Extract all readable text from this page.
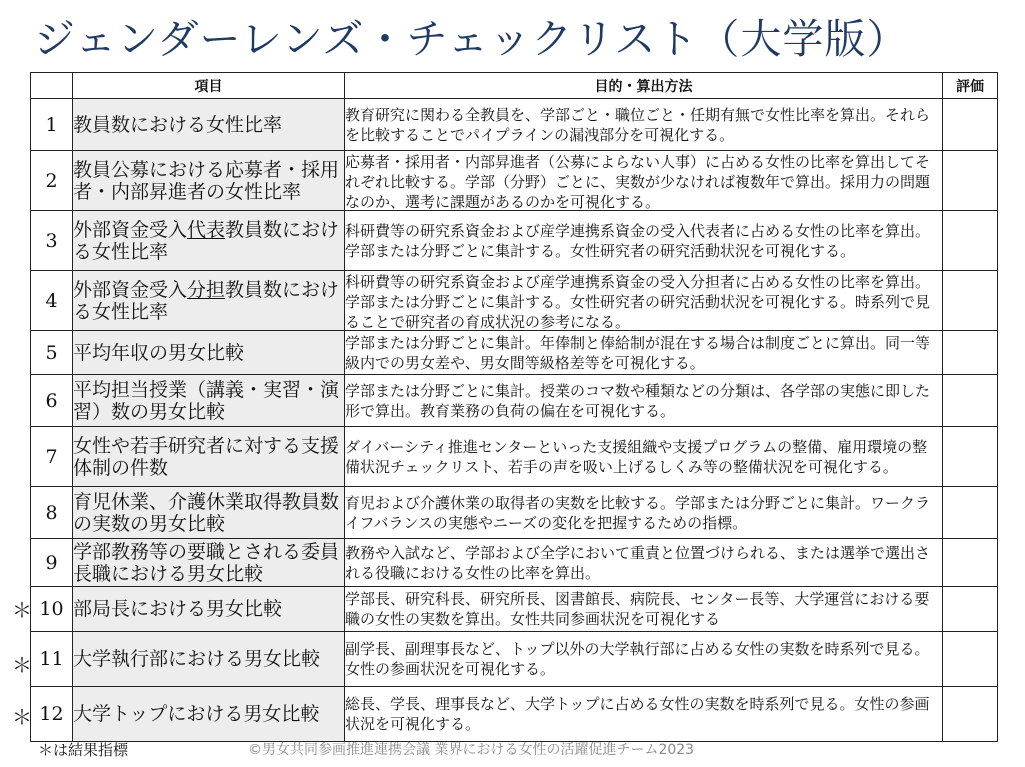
ジェンダーレンズ・チェックリスト（大学版）
	項目	目的・算出方法	評価
1	教員数における女性比率	教育研究に関わる全教員を、学部ごと・職位ごと・任期有無で女性比率を算出。それらを比較することでパイプラインの漏洩部分を可視化する。	

2	教員公募における応募者・採用者・内部昇進者の女性比率	応募者・採用者・内部昇進者（公募によらない人事）に占める女性の比率を算出してそれぞれ比較する。学部（分野）ごとに、実数が少なければ複数年で算出。採用力の問題なのか、選考に課題があるのかを可視化する。	

3	外部資金受入代表教員数における女性比率	科研費等の研究系資金および産学連携系資金の受入代表者に占める女性の比率を算出。学部または分野ごとに集計する。女性研究者の研究活動状況を可視化する。	

4	外部資金受入分担教員数における女性比率	科研費等の研究系資金および産学連携系資金の受入分担者に占める女性の比率を算出。学部または分野ごとに集計する。女性研究者の研究活動状況を可視化する。時系列で見ることで研究者の育成状況の参考になる。	

5	平均年収の男女比較	学部または分野ごとに集計。年俸制と俸給制が混在する場合は制度ごとに算出。同一等級内での男女差や、男女間等級格差等を可視化する。	

6	平均担当授業（講義・実習・演習）数の男女比較	学部または分野ごとに集計。授業のコマ数や種類などの分類は、各学部の実態に即した形で算出。教育業務の負荷の偏在を可視化する。	

7	女性や若手研究者に対する支援体制の件数	ダイバーシティ推進センターといった支援組織や支援プログラムの整備、雇用環境の整備状況チェックリスト、若手の声を吸い上げるしくみ等の整備状況を可視化する。	

8	育児休業、介護休業取得教員数の実数の男女比較	育児および介護休業の取得者の実数を比較する。学部または分野ごとに集計。ワークライフバランスの実態やニーズの変化を把握するための指標。	

9	学部教務等の要職とされる委員長職における男女比較	教務や入試など、学部および全学において重責と位置づけられる、または選挙で選出される役職における女性の比率を算出。	

10	部局長における男女比較	学部長、研究科長、研究所長、図書館長、病院長、センター長等、大学運営における要職の女性の実数を算出。女性共同参画状況を可視化する	

11	大学執行部における男女比較	副学長、副理事長など、トップ以外の大学執行部に占める女性の実数を時系列で見る。女性の参画状況を可視化する。	

12	大学トップにおける男女比較	総長、学長、理事長など、大学トップに占める女性の実数を時系列で見る。女性の参画状況を可視化する。	

＊
＊
＊
＊は結果指標	©男女共同参画推進連携会議 業界における女性の活躍促進チーム2023
